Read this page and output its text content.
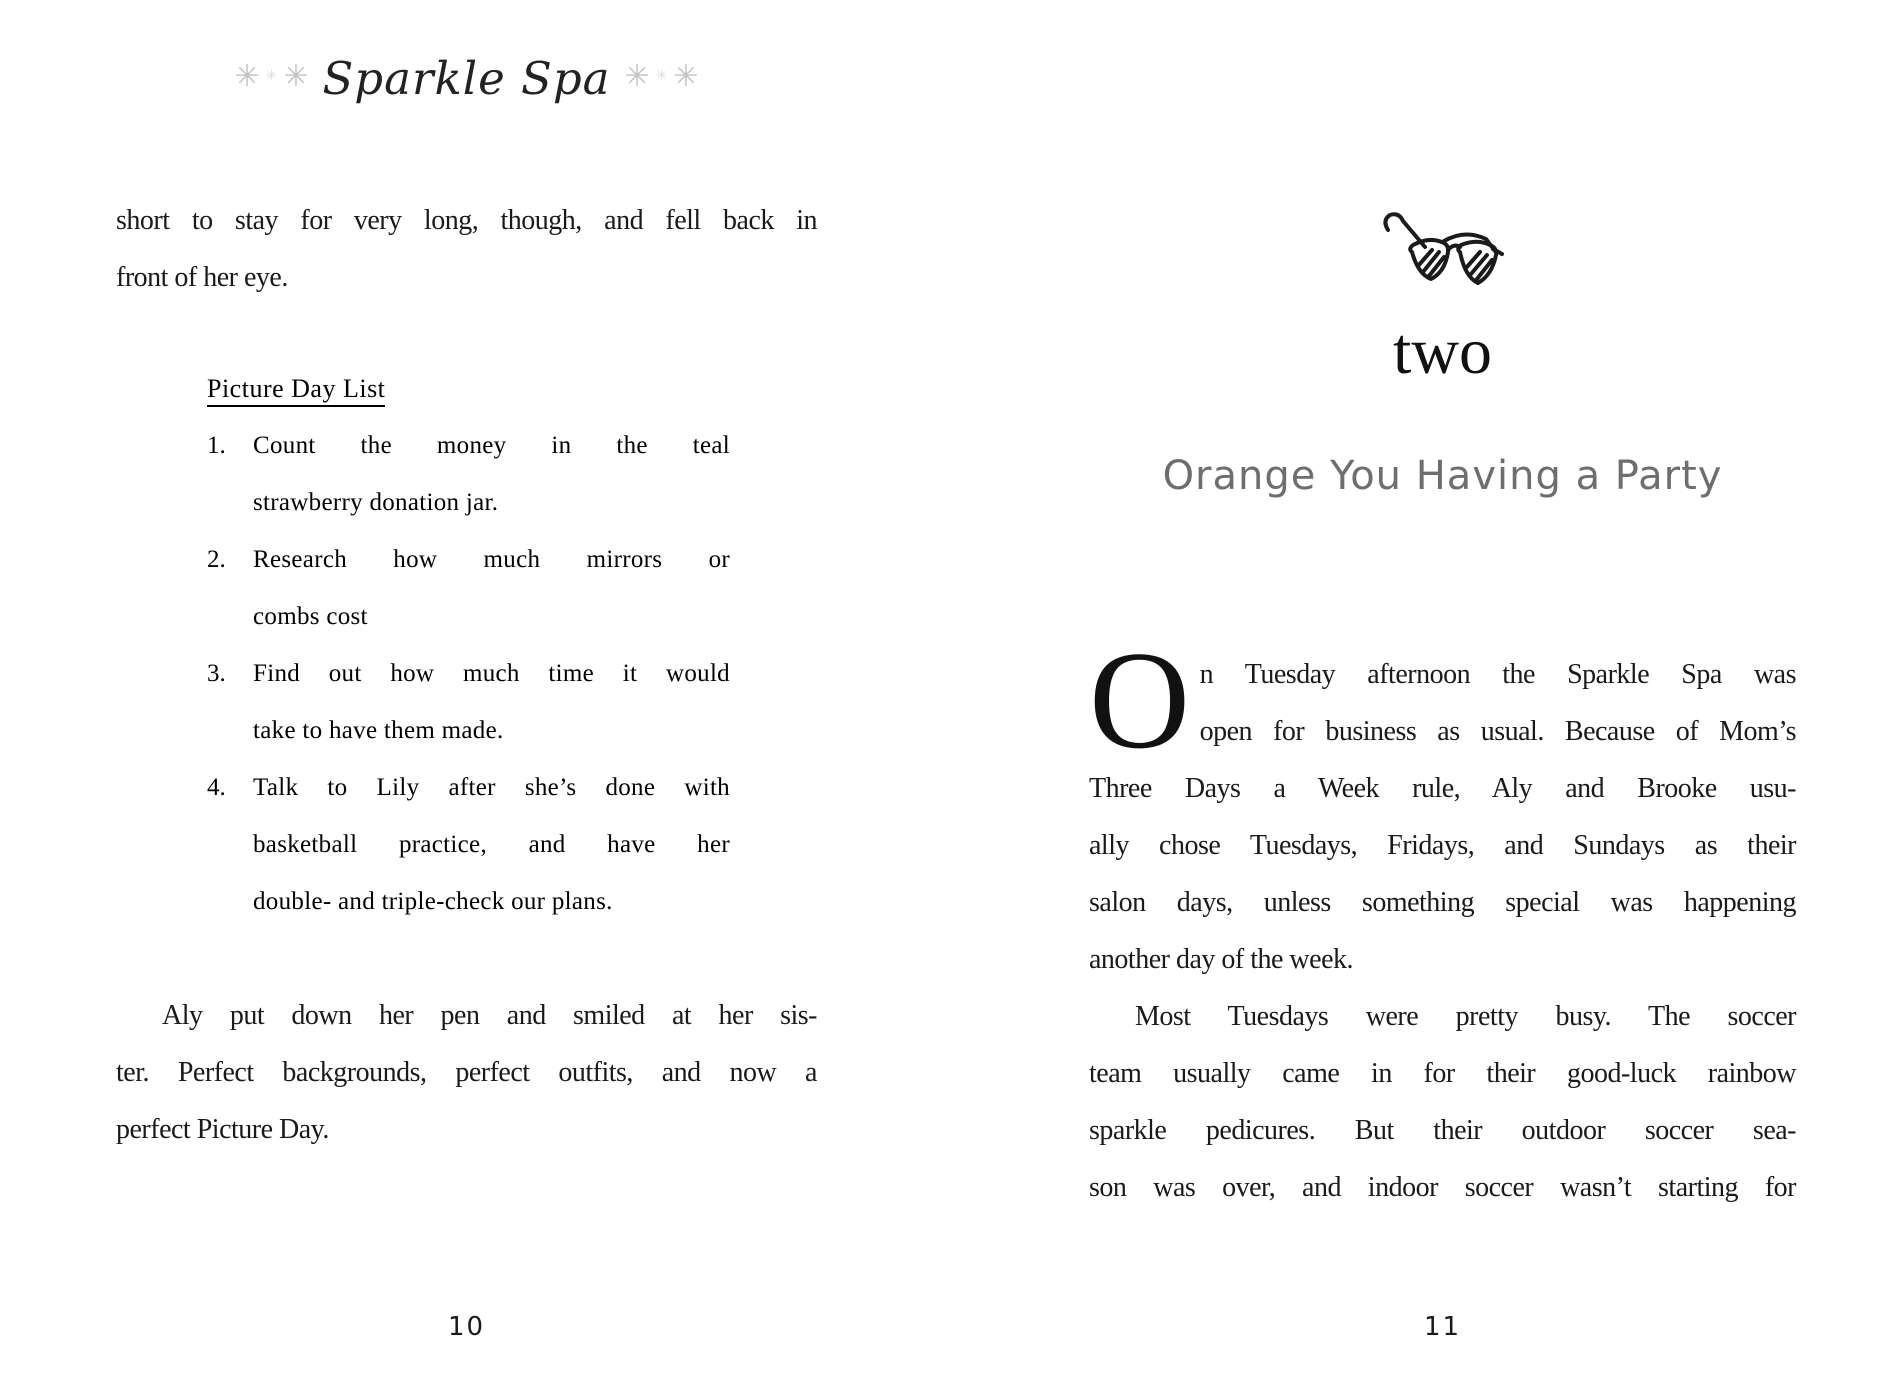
✳ ✳ ✳ Sparkle Spa ✳ ✳ ✳
short to stay for very long, though, and fell back in
front of her eye.
Picture Day List
1.	Count the money in the teal
strawberry donation jar.
2.	Research how much mirrors or
combs cost
3.	Find out how much time it would
take to have them made.
4.	Talk to Lily after she’s done with
basketball practice, and have her
double- and triple-check our plans.
Aly put down her pen and smiled at her sis-
ter. Perfect backgrounds, perfect outfits, and now a
perfect Picture Day.
10
two
Orange You Having a Party
O n Tuesday afternoon the Sparkle Spa was
open for business as usual. Because of Mom’s
Three Days a Week rule, Aly and Brooke usu-
ally chose Tuesdays, Fridays, and Sundays as their
salon days, unless something special was happening
another day of the week.
Most Tuesdays were pretty busy. The soccer
team usually came in for their good-luck rainbow
sparkle pedicures. But their outdoor soccer sea-
son was over, and indoor soccer wasn’t starting for
11
